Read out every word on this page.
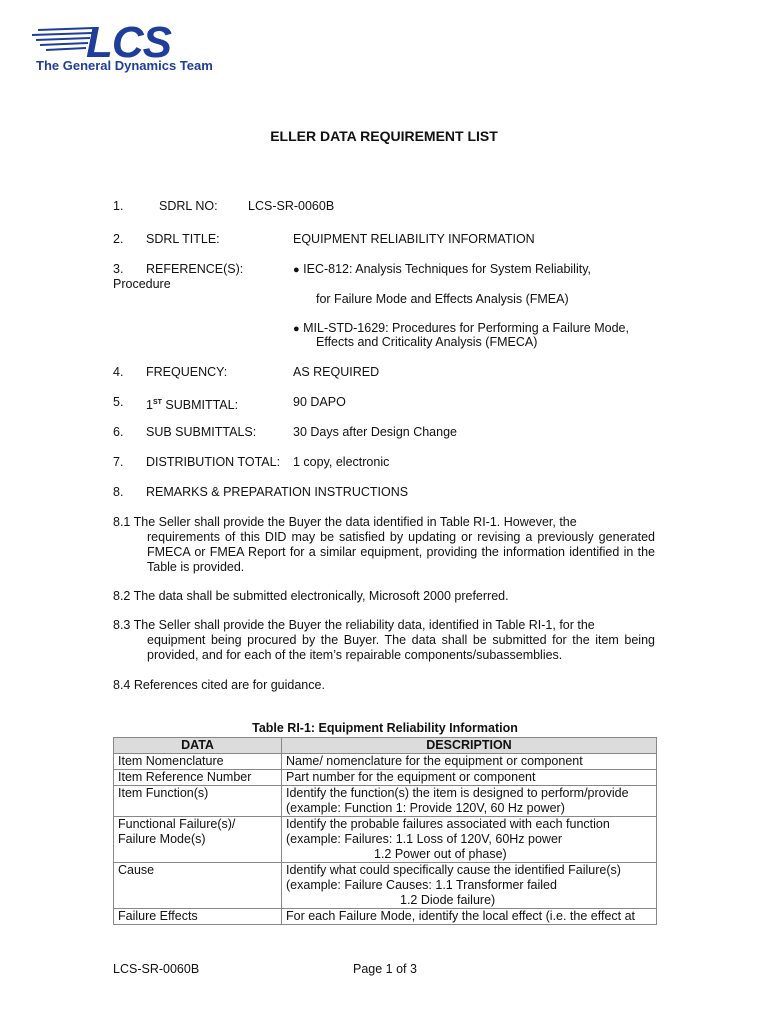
LCS
The General Dynamics Team
ELLER DATA REQUIREMENT LIST
1.	SDRL NO: LCS-SR-0060B
2. SDRL TITLE:	EQUIPMENT RELIABILITY INFORMATION
3. REFERENCE(S):
Procedure
● IEC-812: Analysis Techniques for System Reliability,
for Failure Mode and Effects Analysis (FMEA)
● MIL-STD-1629: Procedures for Performing a Failure Mode,
Effects and Criticality Analysis (FMECA)
4. FREQUENCY:	AS REQUIRED
5. 1ST SUBMITTAL:	90 DAPO
6. SUB SUBMITTALS:	30 Days after Design Change
7. DISTRIBUTION TOTAL: 1 copy, electronic
8. REMARKS & PREPARATION INSTRUCTIONS
8.1 The Seller shall provide the Buyer the data identified in Table RI-1. However, the
requirements of this DID may be satisfied by updating or revising a previously generated FMECA or FMEA Report for a similar equipment, providing the information identified in the Table is provided.
8.2 The data shall be submitted electronically, Microsoft 2000 preferred.
8.3 The Seller shall provide the Buyer the reliability data, identified in Table RI-1, for the
equipment being procured by the Buyer. The data shall be submitted for the item being provided, and for each of the item’s repairable components/subassemblies.
8.4 References cited are for guidance.
Table RI-1: Equipment Reliability Information
DATA	DESCRIPTION
Item Nomenclature	Name/ nomenclature for the equipment or component
Item Reference Number	Part number for the equipment or component
Item Function(s)	Identify the function(s) the item is designed to perform/provide
(example: Function 1: Provide 120V, 60 Hz power)

Functional Failure(s)/ Failure Mode(s)	Identify the probable failures associated with each function
(example: Failures: 1.1 Loss of 120V, 60Hz power
1.2 Power out of phase)

Cause	Identify what could specifically cause the identified Failure(s)
(example: Failure Causes: 1.1 Transformer failed
1.2 Diode failure)

Failure Effects	For each Failure Mode, identify the local effect (i.e. the effect at
LCS-SR-0060B	Page 1 of 3
